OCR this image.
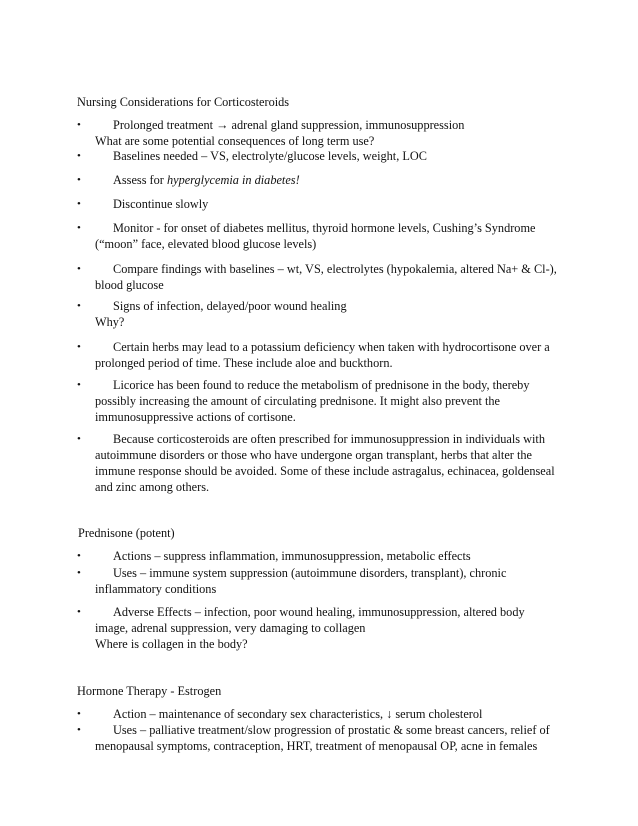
Nursing Considerations for Corticosteroids
•	Prolonged treatment → adrenal gland suppression, immunosuppression
What are some potential consequences of long term use?
•	Baselines needed – VS, electrolyte/glucose levels, weight, LOC
•	Assess for hyperglycemia in diabetes!
•	Discontinue slowly
•	Monitor - for onset of diabetes mellitus, thyroid hormone levels, Cushing’s Syndrome (“moon” face, elevated blood glucose levels)
•	Compare findings with baselines – wt, VS, electrolytes (hypokalemia, altered Na+ & Cl-), blood glucose
•	Signs of infection, delayed/poor wound healing
Why?
•	Certain herbs may lead to a potassium deficiency when taken with hydrocortisone over a prolonged period of time. These include aloe and buckthorn.
•	Licorice has been found to reduce the metabolism of prednisone in the body, thereby possibly increasing the amount of circulating prednisone. It might also prevent the immunosuppressive actions of cortisone.
•	Because corticosteroids are often prescribed for immunosuppression in individuals with autoimmune disorders or those who have undergone organ transplant, herbs that alter the immune response should be avoided. Some of these include astragalus, echinacea, goldenseal and zinc among others.
Prednisone (potent)
•	Actions – suppress inflammation, immunosuppression, metabolic effects
•	Uses – immune system suppression (autoimmune disorders, transplant), chronic inflammatory conditions
•	Adverse Effects – infection, poor wound healing, immunosuppression, altered body image, adrenal suppression, very damaging to collagen
Where is collagen in the body?
Hormone Therapy - Estrogen
•	Action – maintenance of secondary sex characteristics, ↓ serum cholesterol
•	Uses – palliative treatment/slow progression of prostatic & some breast cancers, relief of menopausal symptoms, contraception, HRT, treatment of menopausal OP, acne in females
